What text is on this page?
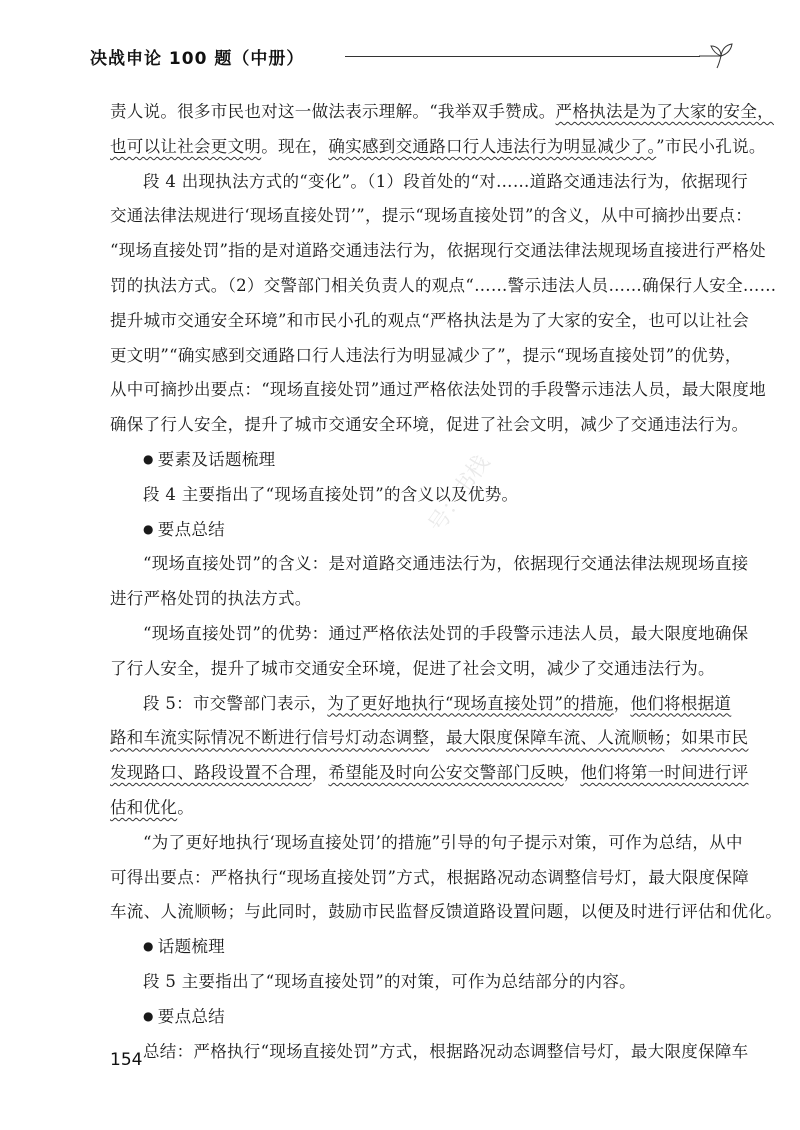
决战申论 100 题（中册）
号：书栈
责人说。很多市民也对这一做法表示理解。“我举双手赞成。严格执法是为了大家的安全，
也可以让社会更文明。现在，确实感到交通路口行人违法行为明显减少了。”市民小孔说。
段 4 出现执法方式的“变化”。（1）段首处的“对……道路交通违法行为，依据现行
交通法律法规进行‘现场直接处罚’”，提示“现场直接处罚”的含义，从中可摘抄出要点：
“现场直接处罚”指的是对道路交通违法行为，依据现行交通法律法规现场直接进行严格处
罚的执法方式。（2）交警部门相关负责人的观点“……警示违法人员……确保行人安全……
提升城市交通安全环境”和市民小孔的观点“严格执法是为了大家的安全，也可以让社会
更文明”“确实感到交通路口行人违法行为明显减少了”，提示“现场直接处罚”的优势，
从中可摘抄出要点：“现场直接处罚”通过严格依法处罚的手段警示违法人员，最大限度地
确保了行人安全，提升了城市交通安全环境，促进了社会文明，减少了交通违法行为。
● 要素及话题梳理
段 4 主要指出了“现场直接处罚”的含义以及优势。
● 要点总结
“现场直接处罚”的含义：是对道路交通违法行为，依据现行交通法律法规现场直接
进行严格处罚的执法方式。
“现场直接处罚”的优势：通过严格依法处罚的手段警示违法人员，最大限度地确保
了行人安全，提升了城市交通安全环境，促进了社会文明，减少了交通违法行为。
段 5：市交警部门表示，为了更好地执行“现场直接处罚”的措施，他们将根据道
路和车流实际情况不断进行信号灯动态调整，最大限度保障车流、人流顺畅；如果市民
发现路口、路段设置不合理，希望能及时向公安交警部门反映，他们将第一时间进行评
估和优化。
“为了更好地执行‘现场直接处罚’的措施”引导的句子提示对策，可作为总结，从中
可得出要点：严格执行“现场直接处罚”方式，根据路况动态调整信号灯，最大限度保障
车流、人流顺畅；与此同时，鼓励市民监督反馈道路设置问题，以便及时进行评估和优化。
● 话题梳理
段 5 主要指出了“现场直接处罚”的对策，可作为总结部分的内容。
● 要点总结
总结：严格执行“现场直接处罚”方式，根据路况动态调整信号灯，最大限度保障车
154
